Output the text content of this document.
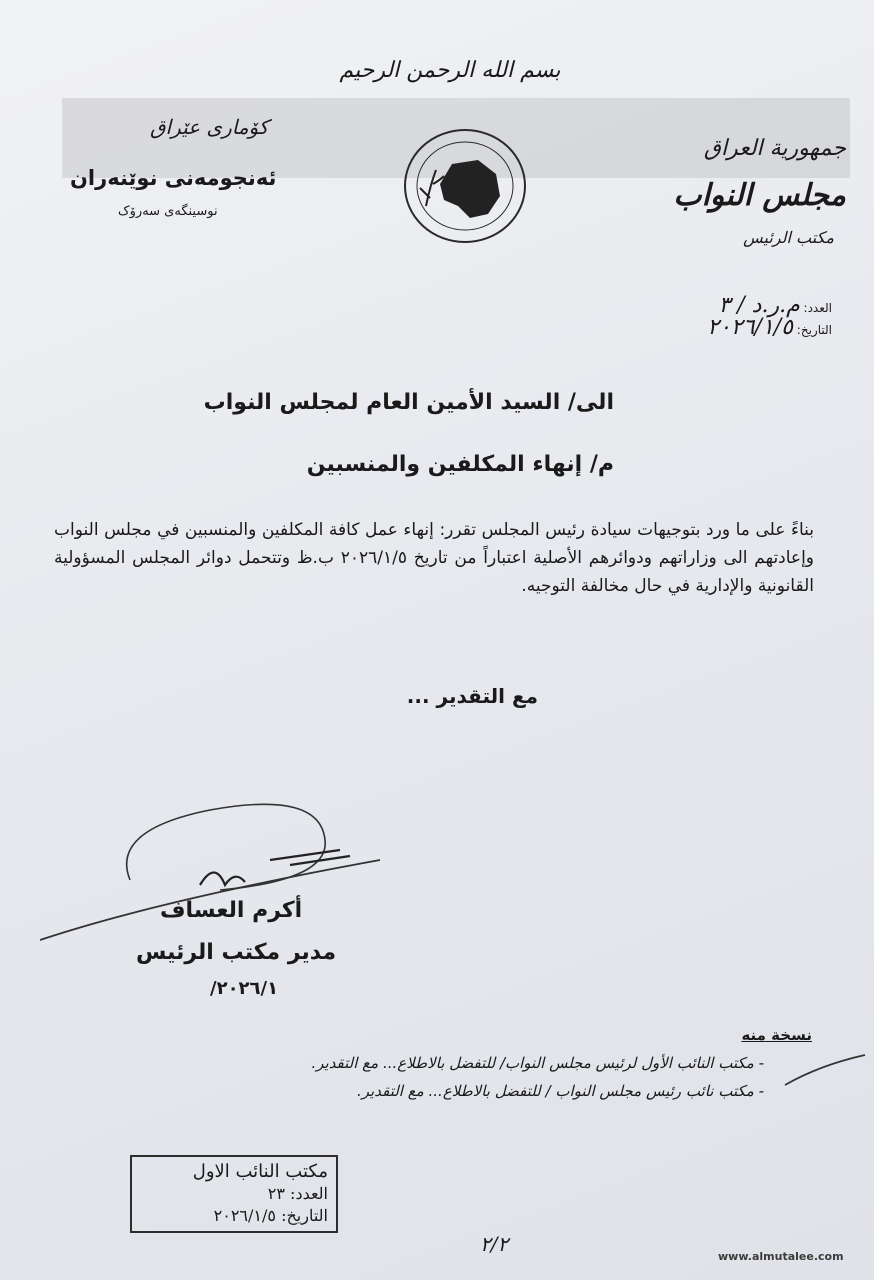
بسم الله الرحمن الرحيم
جمهورية العراق
مجلس النواب
مكتب الرئيس
كۆماری عێراق
ئەنجومەنی نوێنەران
نوسینگەی سەرۆک
العدد: م.ر.د / ٣
التاريخ: ٢٠٢٦/١/٥
الى/ السيد الأمين العام لمجلس النواب
م/ إنهاء المكلفين والمنسبين
بناءً على ما ورد بتوجيهات سيادة رئيس المجلس تقرر: إنهاء عمل كافة المكلفين والمنسبين في مجلس النواب وإعادتهم الى وزاراتهم ودوائرهم الأصلية اعتباراً من تاريخ ٢٠٢٦/١/٥ ب.ظ وتتحمل دوائر المجلس المسؤولية القانونية والإدارية في حال مخالفة التوجيه.
مع التقدير ...
أكرم العساف
مدير مكتب الرئيس
٢٠٢٦/١/
نسخة منه
- مكتب النائب الأول لرئيس مجلس النواب/ للتفضل بالاطلاع... مع التقدير.
- مكتب نائب رئيس مجلس النواب / للتفضل بالاطلاع... مع التقدير.
مكتب النائب الاول
العدد: ٢٣
التاريخ: ٢٠٢٦/١/٥
٢/٢
www.almutalee.com
